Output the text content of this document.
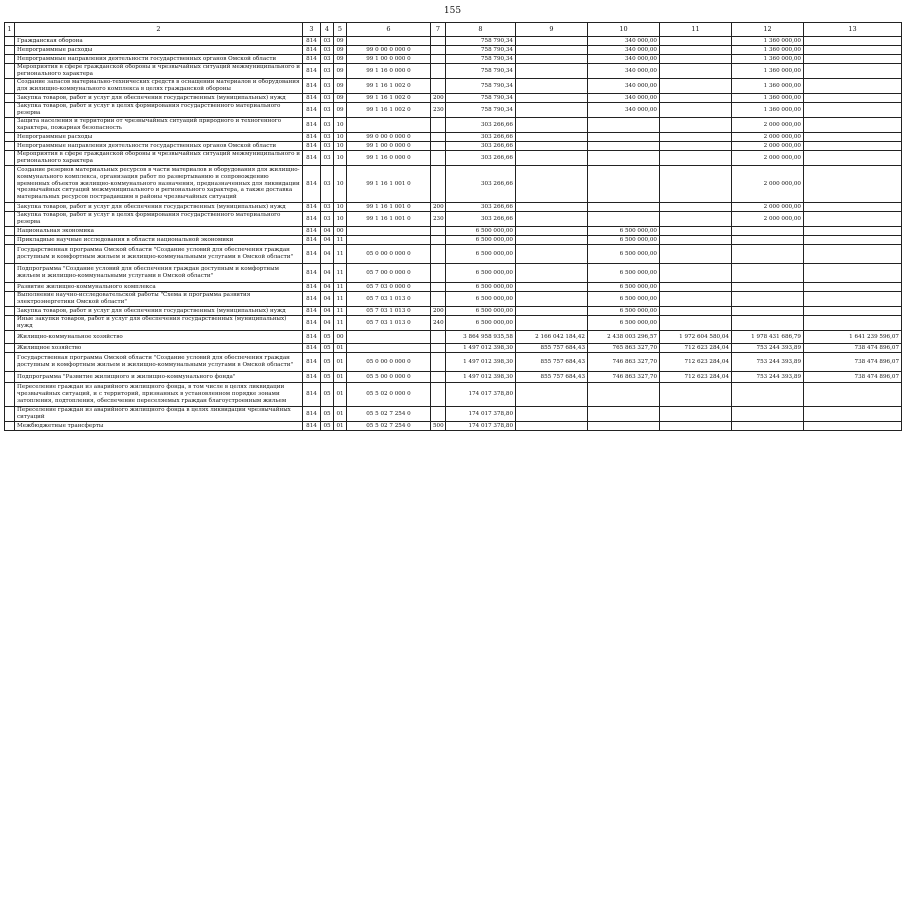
155
1	2	3	4	5	6	7	8	9	10	11	12	13
	Гражданская оборона	814	03	09			758 790,34		340 000,00		1 360 000,00	
	Непрограммные расходы	814	03	09	99 0 00 0 000 0		758 790,34		340 000,00		1 360 000,00	
	Непрограммные направления деятельности государственных органов Омской области	814	03	09	99 1 00 0 000 0		758 790,34		340 000,00		1 360 000,00	
	Мероприятия в сфере гражданской обороны и чрезвычайных ситуаций межмуниципального и регионального характера	814	03	09	99 1 16 0 000 0		758 790,34		340 000,00		1 360 000,00	
	Создание запасов материально-технических средств в оснащении материалов и оборудования для жилищно-коммунального комплекса в целях гражданской обороны	814	03	09	99 1 16 1 002 0		758 790,34		340 000,00		1 360 000,00	
	Закупка товаров, работ и услуг для обеспечения государственных (муниципальных) нужд	814	03	09	99 1 16 1 002 0	200	758 790,34		340 000,00		1 360 000,00	
	Закупка товаров, работ и услуг в целях формирования государственного материального резерва	814	03	09	99 1 16 1 002 0	230	758 790,34		340 000,00		1 360 000,00	
	Защита населения и территории от чрезвычайных ситуаций природного и техногенного характера, пожарная безопасность	814	03	10			303 266,66				2 000 000,00	
	Непрограммные расходы	814	03	10	99 0 00 0 000 0		303 266,66				2 000 000,00	
	Непрограммные направления деятельности государственных органов Омской области	814	03	10	99 1 00 0 000 0		303 266,66				2 000 000,00	
	Мероприятия в сфере гражданской обороны и чрезвычайных ситуаций межмуниципального и регионального характера	814	03	10	99 1 16 0 000 0		303 266,66				2 000 000,00	
	Создание резервов материальных ресурсов в части материалов и оборудования для жилищно-коммунального комплекса, организация работ по развертыванию и сопровождению временных объектов жилищно-коммунального назначения, предназначенных для ликвидации чрезвычайных ситуаций межмуниципального и регионального характера, а также доставка материальных ресурсов пострадавшим в районы чрезвычайных ситуаций	814	03	10	99 1 16 1 001 0		303 266,66				2 000 000,00	
	Закупка товаров, работ и услуг для обеспечения государственных (муниципальных) нужд	814	03	10	99 1 16 1 001 0	200	303 266,66				2 000 000,00	
	Закупка товаров, работ и услуг в целях формирования государственного материального резерва	814	03	10	99 1 16 1 001 0	230	303 266,66				2 000 000,00	
	Национальная экономика	814	04	00			6 500 000,00		6 500 000,00			
	Прикладные научные исследования в области национальной экономики	814	04	11			6 500 000,00		6 500 000,00			
	Государственная программа Омской области "Создание условий для обеспечения граждан доступным и комфортным жильем и жилищно-коммунальными услугами в Омской области"	814	04	11	05 0 00 0 000 0		6 500 000,00		6 500 000,00			
	Подпрограмма "Создание условий для обеспечения граждан доступным и комфортным жильем и жилищно-коммунальными услугами в Омской области"	814	04	11	05 7 00 0 000 0		6 500 000,00		6 500 000,00			
	Развитие жилищно-коммунального комплекса	814	04	11	05 7 03 0 000 0		6 500 000,00		6 500 000,00			
	Выполнение научно-исследовательской работы "Схема и программа развития электроэнергетики Омской области"	814	04	11	05 7 03 1 013 0		6 500 000,00		6 500 000,00			
	Закупка товаров, работ и услуг для обеспечения государственных (муниципальных) нужд	814	04	11	05 7 03 1 013 0	200	6 500 000,00		6 500 000,00			
	Иные закупки товаров, работ и услуг для обеспечения государственных (муниципальных) нужд	814	04	11	05 7 03 1 013 0	240	6 500 000,00		6 500 000,00			
	Жилищно-коммунальное хозяйство	814	05	00			3 864 958 935,58	2 166 042 184,42	2 438 003 296,57	1 972 604 580,04	1 978 431 686,79	1 641 239 596,07
	Жилищное хозяйство	814	05	01			1 497 012 398,30	855 757 684,43	765 863 327,70	712 623 284,04	753 244 393,89	738 474 896,07
	Государственная программа Омской области "Создание условий для обеспечения граждан доступным и комфортным жильем и жилищно-коммунальными услугами в Омской области"	814	05	01	05 0 00 0 000 0		1 497 012 398,30	855 757 684,43	746 863 327,70	712 623 284,04	753 244 393,89	738 474 896,07
	Подпрограмма "Развитие жилищного и жилищно-коммунального фонда"	814	05	01	05 5 00 0 000 0		1 497 012 398,30	855 757 684,43	746 863 327,70	712 623 284,04	753 244 393,89	738 474 896,07
	Переселение граждан из аварийного жилищного фонда, в том числе в целях ликвидации чрезвычайных ситуаций, и с территорий, признанных в установленном порядке зонами затопления, подтопления, обеспечение переселяемых граждан благоустроенным жильем	814	05	01	05 5 02 0 000 0		174 017 378,80					
	Переселение граждан из аварийного жилищного фонда в целях ликвидации чрезвычайных ситуаций	814	05	01	05 5 02 7 254 0		174 017 378,80					
	Межбюджетные трансферты	814	05	01	05 5 02 7 254 0	500	174 017 378,80					
